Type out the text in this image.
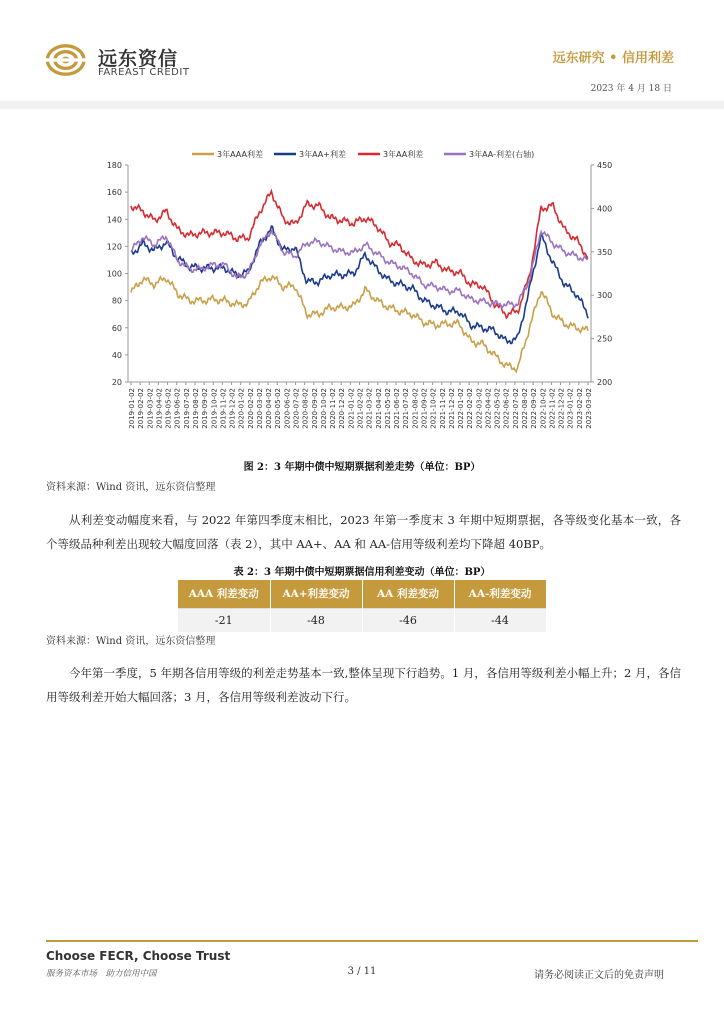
远东资信
FAREAST CREDIT
远东研究 • 信用利差
2023 年 4 月 18 日
20
40
60
80
100
120
140
160
180
200
250
300
350
400
450
2019-01-02 2019-02-02 2019-03-02 2019-04-02 2019-05-02 2019-06-02 2019-07-02 2019-08-02 2019-09-02 2019-10-02 2019-11-02 2019-12-02 2020-01-02 2020-02-02 2020-03-02 2020-04-02 2020-05-02 2020-06-02 2020-07-02 2020-08-02 2020-09-02 2020-10-02 2020-11-02 2020-12-02 2021-01-02 2021-02-02 2021-03-02 2021-04-02 2021-05-02 2021-06-02 2021-07-02 2021-08-02 2021-09-02 2021-10-02 2021-11-02 2021-12-02 2022-01-02 2022-02-02 2022-03-02 2022-04-02 2022-05-02 2022-06-02 2022-07-02 2022-08-02 2022-09-02 2022-10-02 2022-11-02 2022-12-02 2023-01-02 2023-02-02 2023-03-02
3年AAA利差	3年AA+利差	3年AA利差	3年AA-利差(右轴)
图 2：3 年期中债中短期票据利差走势（单位：BP）
资料来源：Wind 资讯，远东资信整理
从利差变动幅度来看，与 2022 年第四季度末相比，2023 年第一季度末 3 年期中短期票据，各等级变化基本一致，各个等级品种利差出现较大幅度回落（表 2），其中 AA+、AA 和 AA-信用等级利差均下降超 40BP。
表 2：3 年期中债中短期票据信用利差变动（单位：BP）
AAA 利差变动	AA+利差变动	AA 利差变动	AA-利差变动
-21	-48	-46	-44
资料来源：Wind 资讯，远东资信整理
今年第一季度，5 年期各信用等级的利差走势基本一致,整体呈现下行趋势。1 月，各信用等级利差小幅上升；2 月，各信用等级利差开始大幅回落；3 月，各信用等级利差波动下行。
Choose FECR, Choose Trust
服务资本市场　助力信用中国	3 / 11	请务必阅读正文后的免责声明
